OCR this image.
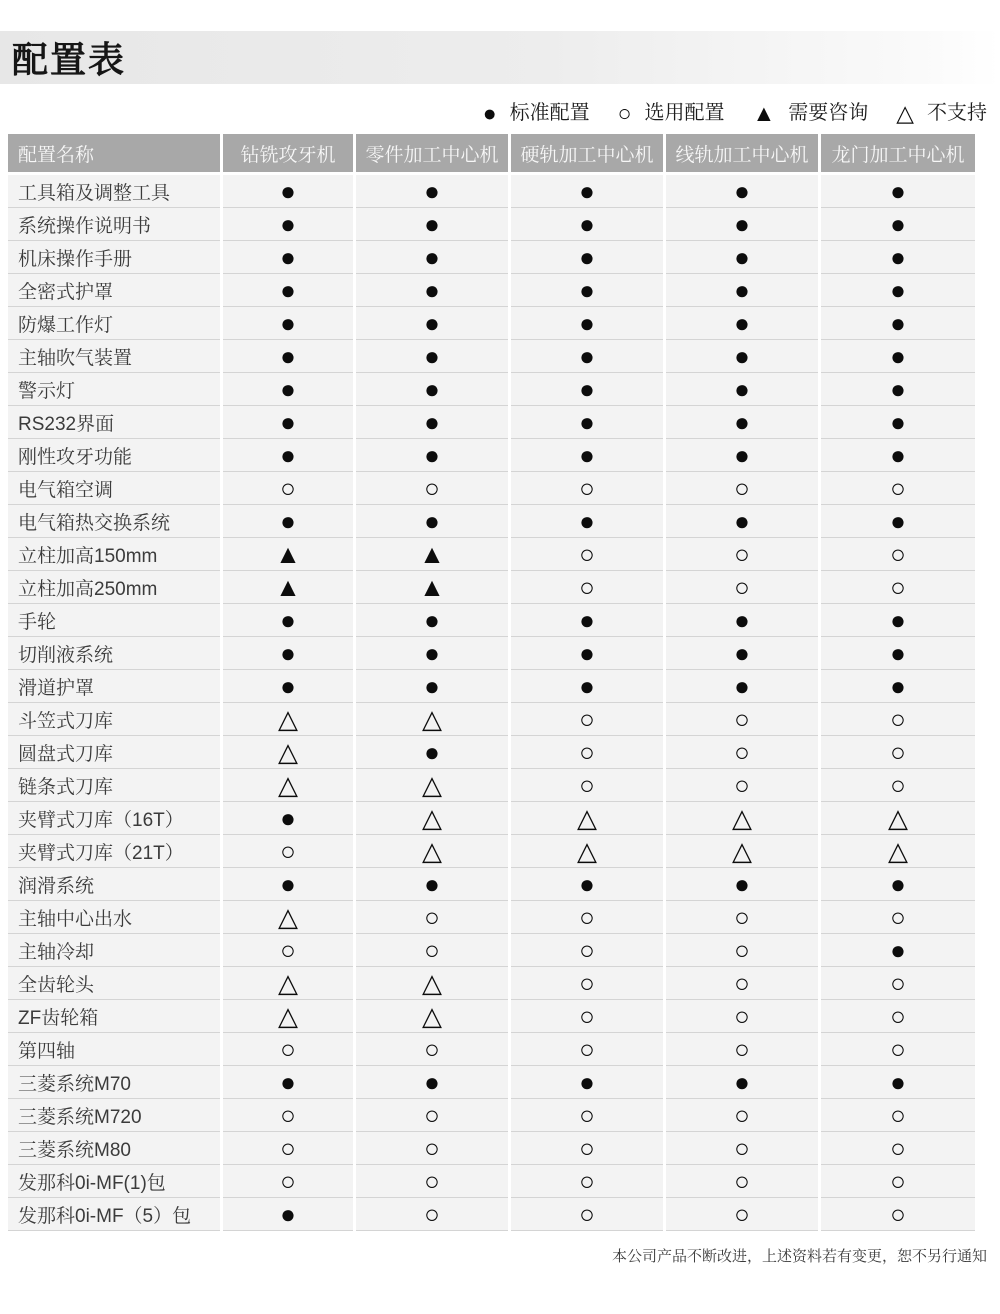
配置表
● 标准配置 ○ 选用配置 ▲ 需要咨询 △ 不支持
配置名称	钻铣攻牙机	零件加工中心机	硬轨加工中心机	线轨加工中心机	龙门加工中心机
工具箱及调整工具	●	●	●	●	●
系统操作说明书	●	●	●	●	●
机床操作手册	●	●	●	●	●
全密式护罩	●	●	●	●	●
防爆工作灯	●	●	●	●	●
主轴吹气装置	●	●	●	●	●
警示灯	●	●	●	●	●
RS232界面	●	●	●	●	●
刚性攻牙功能	●	●	●	●	●
电气箱空调	○	○	○	○	○
电气箱热交换系统	●	●	●	●	●
立柱加高150mm	▲	▲	○	○	○
立柱加高250mm	▲	▲	○	○	○
手轮	●	●	●	●	●
切削液系统	●	●	●	●	●
滑道护罩	●	●	●	●	●
斗笠式刀库	△	△	○	○	○
圆盘式刀库	△	●	○	○	○
链条式刀库	△	△	○	○	○
夹臂式刀库（16T）	●	△	△	△	△
夹臂式刀库（21T）	○	△	△	△	△
润滑系统	●	●	●	●	●
主轴中心出水	△	○	○	○	○
主轴冷却	○	○	○	○	●
全齿轮头	△	△	○	○	○
ZF齿轮箱	△	△	○	○	○
第四轴	○	○	○	○	○
三菱系统M70	●	●	●	●	●
三菱系统M720	○	○	○	○	○
三菱系统M80	○	○	○	○	○
发那科0i-MF(1)包	○	○	○	○	○
发那科0i-MF（5）包	●	○	○	○	○
本公司产品不断改进，上述资料若有变更，恕不另行通知
